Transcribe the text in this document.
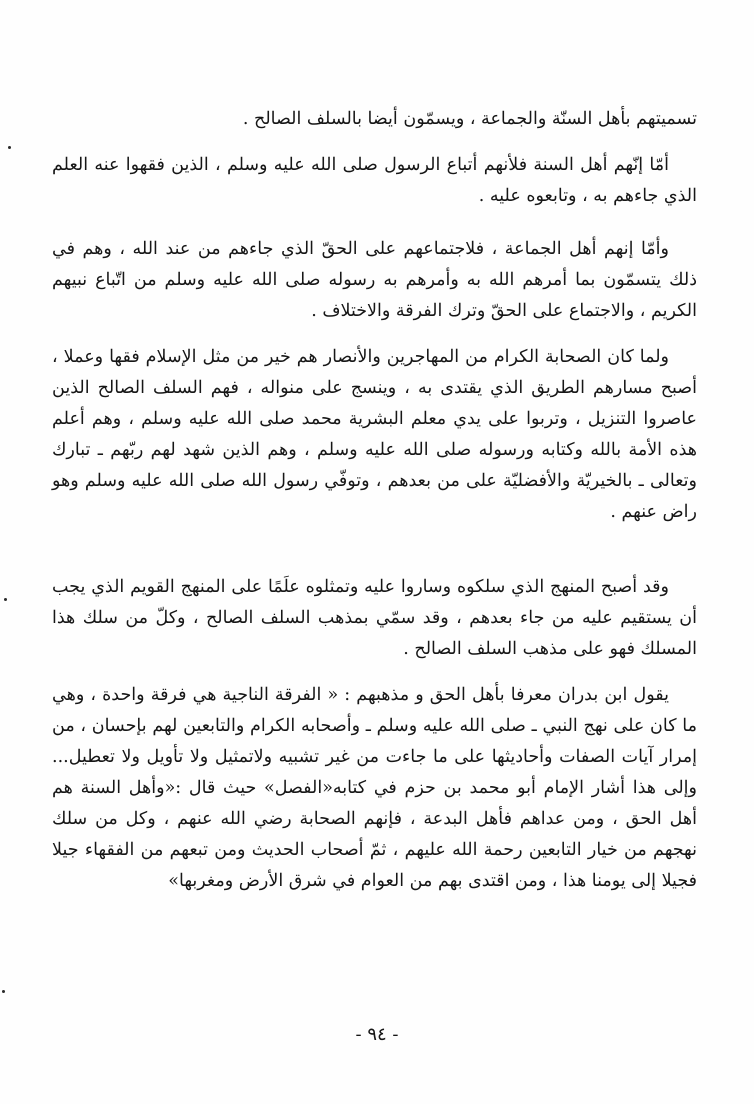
تسميتهم بأهل السنّة والجماعة ، ويسمّون أيضا بالسلف الصالح .

أمّا إنّهم أهل السنة فلأنهم أتباع الرسول صلى الله عليه وسلم ، الذين فقهوا عنه العلم الذي جاءهم به ، وتابعوه عليه .

وأمّا إنهم أهل الجماعة ، فلاجتماعهم على الحقّ الذي جاءهم من عند الله ، وهم في ذلك يتسمّون بما أمرهم الله به وأمرهم به رسوله صلى الله عليه وسلم من اتّباع نبيهم الكريم ، والاجتماع على الحقّ وترك الفرقة والاختلاف .

ولما كان الصحابة الكرام من المهاجرين والأنصار هم خير من مثل الإسلام فقها وعملا ، أصبح مسارهم الطريق الذي يقتدى به ، وينسج على منواله ، فهم السلف الصالح الذين عاصروا التنزيل ، وتربوا على يدي معلم البشرية محمد صلى الله عليه وسلم ، وهم أعلم هذه الأمة بالله وكتابه ورسوله صلى الله عليه وسلم ، وهم الذين شهد لهم ربّهم ـ تبارك وتعالى ـ بالخيريّة والأفضليّة على من بعدهم ، وتوفّي رسول الله صلى الله عليه وسلم وهو راض عنهم .

وقد أصبح المنهج الذي سلكوه وساروا عليه وتمثلوه علَمًا على المنهج القويم الذي يجب أن يستقيم عليه من جاء بعدهم ، وقد سمّي بمذهب السلف الصالح ، وكلّ من سلك هذا المسلك فهو على مذهب السلف الصالح .

يقول ابن بدران معرفا بأهل الحق و مذهبهم : « الفرقة الناجية هي فرقة واحدة ، وهي ما كان على نهج النبي ـ صلى الله عليه وسلم ـ وأصحابه الكرام والتابعين لهم بإحسان ، من إمرار آيات الصفات وأحاديثها على ما جاءت من غير تشبيه ولاتمثيل ولا تأويل ولا تعطيل... وإلى هذا أشار الإمام أبو محمد بن حزم في كتابه«الفصل» حيث قال :«وأهل السنة هم أهل الحق ، ومن عداهم فأهل البدعة ، فإنهم الصحابة رضي الله عنهم ، وكل من سلك نهجهم من خيار التابعين رحمة الله عليهم ، ثمّ أصحاب الحديث ومن تبعهم من الفقهاء جيلا فجيلا إلى يومنا هذا ، ومن اقتدى بهم من العوام في شرق الأرض ومغربها»

- ٩٤ -
